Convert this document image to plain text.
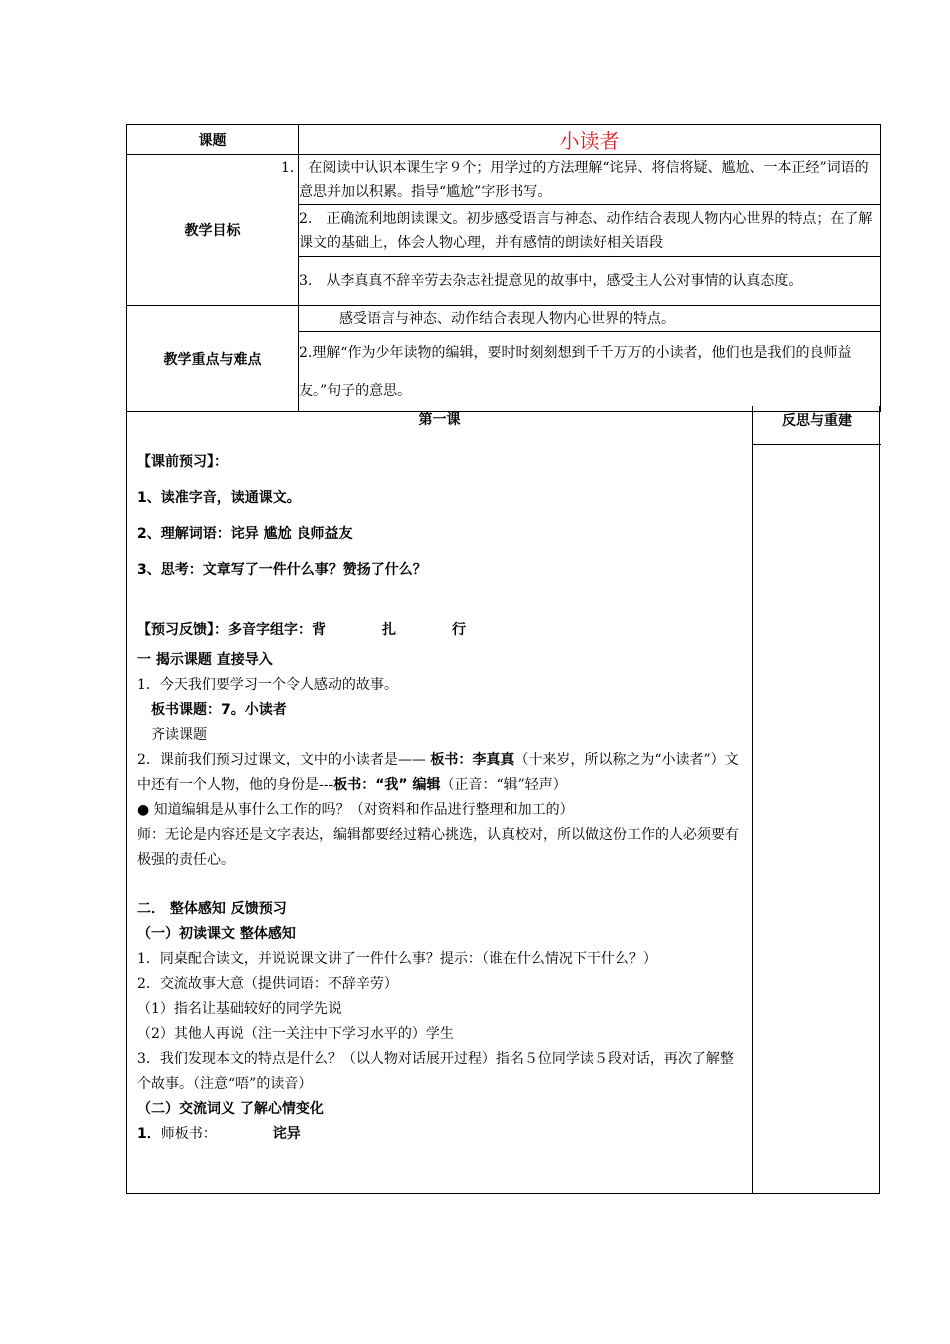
课题	小读者
教学目标	1.　在阅读中认识本课生字９个；用学过的方法理解“诧异、将信将疑、尴尬、一本正经”词语的意思并加以积累。指导“尴尬”字形书写。
	2.　正确流利地朗读课文。初步感受语言与神态、动作结合表现人物内心世界的特点；在了解课文的基础上，体会人物心理，并有感情的朗读好相关语段
	3.　从李真真不辞辛劳去杂志社提意见的故事中，感受主人公对事情的认真态度。
教学重点与难点	感受语言与神态、动作结合表现人物内心世界的特点。
	2.理解“作为少年读物的编辑，要时时刻刻想到千千万万的小读者，他们也是我们的良师益友。”句子的意思。
第一课	反思与重建

【课前预习】：

1、读准字音，读通课文。

2、理解词语：诧异 尴尬 良师益友

3、思考：文章写了一件什么事？赞扬了什么？

【预习反馈】：多音字组字：背	扎	行

一 揭示课题 直接导入

1．今天我们要学习一个令人感动的故事。

板书课题：7。小读者

齐读课题

2．课前我们预习过课文，文中的小读者是—— 板书：李真真（十来岁，所以称之为“小读者”）文中还有一个人物，他的身份是---板书：“我” 编辑（正音：“辑”轻声）

● 知道编辑是从事什么工作的吗？（对资料和作品进行整理和加工的）

师：无论是内容还是文字表达，编辑都要经过精心挑选，认真校对，所以做这份工作的人必须要有极强的责任心。

二． 整体感知 反馈预习

（一）初读课文 整体感知

1．同桌配合读文，并说说课文讲了一件什么事？提示：（谁在什么情况下干什么？）

2．交流故事大意（提供词语：不辞辛劳）

（1）指名让基础较好的同学先说

（2）其他人再说（注一关注中下学习水平的）学生

3．我们发现本文的特点是什么？（以人物对话展开过程）指名５位同学读５段对话，再次了解整个故事。（注意“唔”的读音）

（二）交流词义 了解心情变化

1．师板书：	诧异
